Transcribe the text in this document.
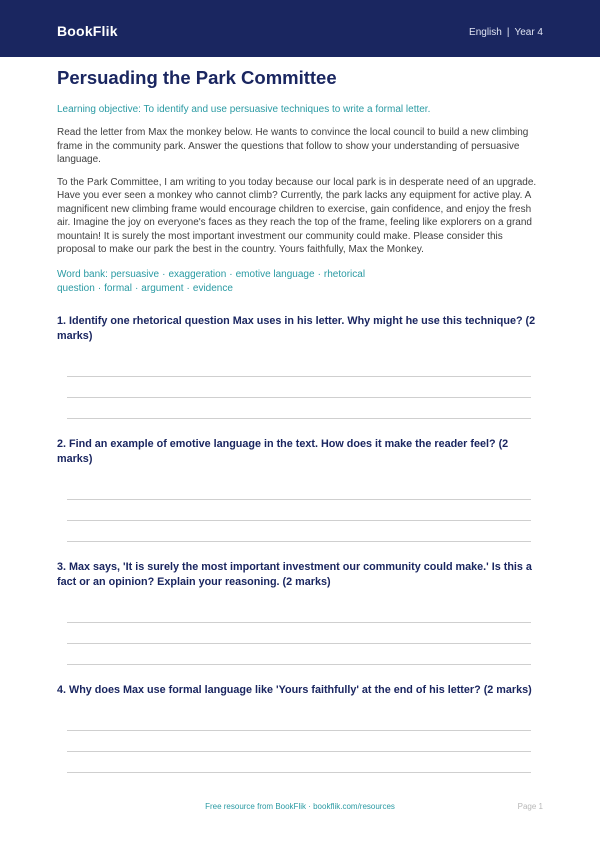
BookFlik	English | Year 4
Persuading the Park Committee

Learning objective: To identify and use persuasive techniques to write a formal letter.

Read the letter from Max the monkey below. He wants to convince the local council to build a new climbing frame in the community park. Answer the questions that follow to show your understanding of persuasive language.

To the Park Committee, I am writing to you today because our local park is in desperate need of an upgrade. Have you ever seen a monkey who cannot climb? Currently, the park lacks any equipment for active play. A magnificent new climbing frame would encourage children to exercise, gain confidence, and enjoy the fresh air. Imagine the joy on everyone's faces as they reach the top of the frame, feeling like explorers on a grand mountain! It is surely the most important investment our community could make. Please consider this proposal to make our park the best in the country. Yours faithfully, Max the Monkey.

Word bank: persuasive · exaggeration · emotive language · rhetorical question · formal · argument · evidence

1. Identify one rhetorical question Max uses in his letter. Why might he use this technique? (2 marks)

2. Find an example of emotive language in the text. How does it make the reader feel? (2 marks)

3. Max says, 'It is surely the most important investment our community could make.' Is this a fact or an opinion? Explain your reasoning. (2 marks)

4. Why does Max use formal language like 'Yours faithfully' at the end of his letter? (2 marks)

Free resource from BookFlik · bookflik.com/resources	Page 1
